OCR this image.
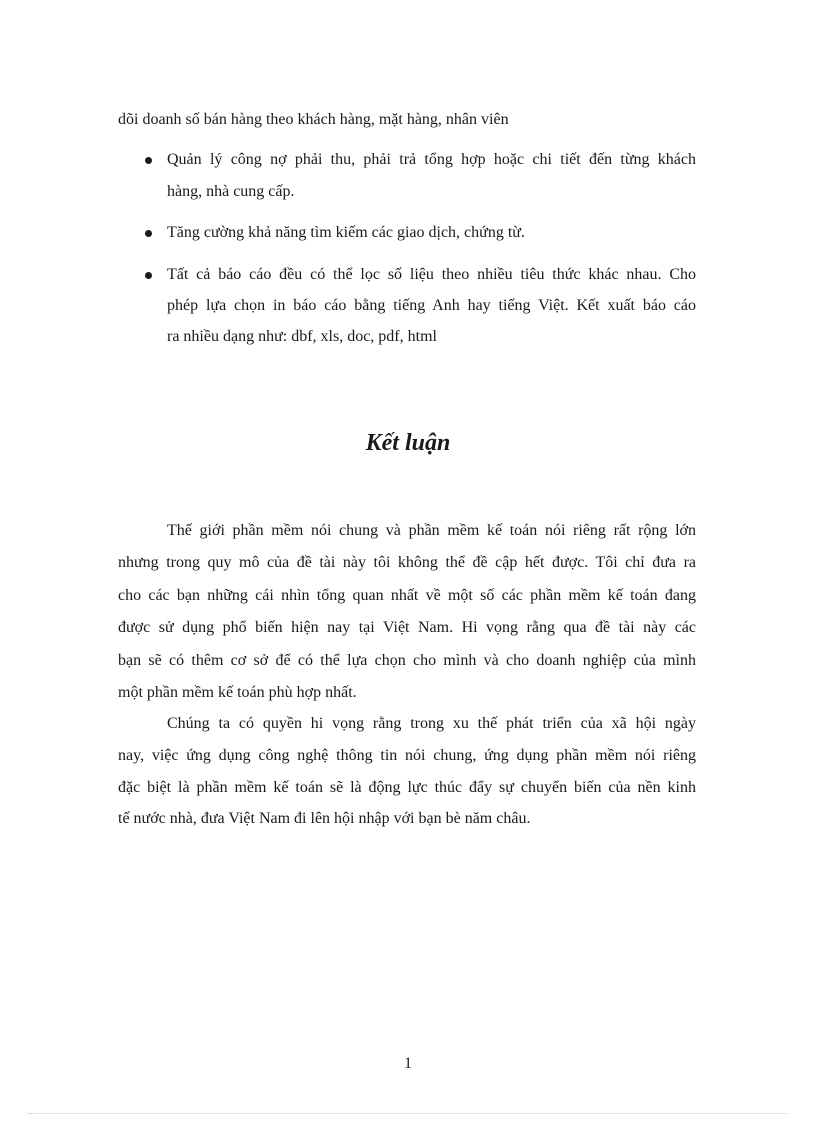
dõi doanh số bán hàng theo khách hàng, mặt hàng, nhân viên
Quản lý công nợ phải thu, phải trả tổng hợp hoặc chi tiết đến từng khách
hàng, nhà cung cấp.
Tăng cường khả năng tìm kiếm các giao dịch, chứng từ.
Tất cả báo cáo đều có thể lọc số liệu theo nhiều tiêu thức khác nhau. Cho
phép lựa chọn in báo cáo bằng tiếng Anh hay tiếng Việt. Kết xuất báo cáo
ra nhiều dạng như: dbf, xls, doc, pdf, html
Kết luận
Thế giới phần mềm nói chung và phần mềm kế toán nói riêng rất rộng lớn
nhưng trong quy mô của đề tài này tôi không thể đề cập hết được. Tôi chỉ đưa ra
cho các bạn những cái nhìn tổng quan nhất về một số các phần mềm kế toán đang
được sử dụng phổ biến hiện nay tại Việt Nam. Hi vọng rằng qua đề tài này các
bạn sẽ có thêm cơ sở để có thể lựa chọn cho mình và cho doanh nghiệp của mình
một phần mềm kế toán phù hợp nhất.
Chúng ta có quyền hi vọng rằng trong xu thế phát triển của xã hội ngày
nay, việc ứng dụng công nghệ thông tin nói chung, ứng dụng phần mềm nói riêng
đặc biệt là phần mềm kế toán sẽ là động lực thúc đẩy sự chuyển biến của nền kinh
tế nước nhà, đưa Việt Nam đi lên hội nhập với bạn bè năm châu.
1
